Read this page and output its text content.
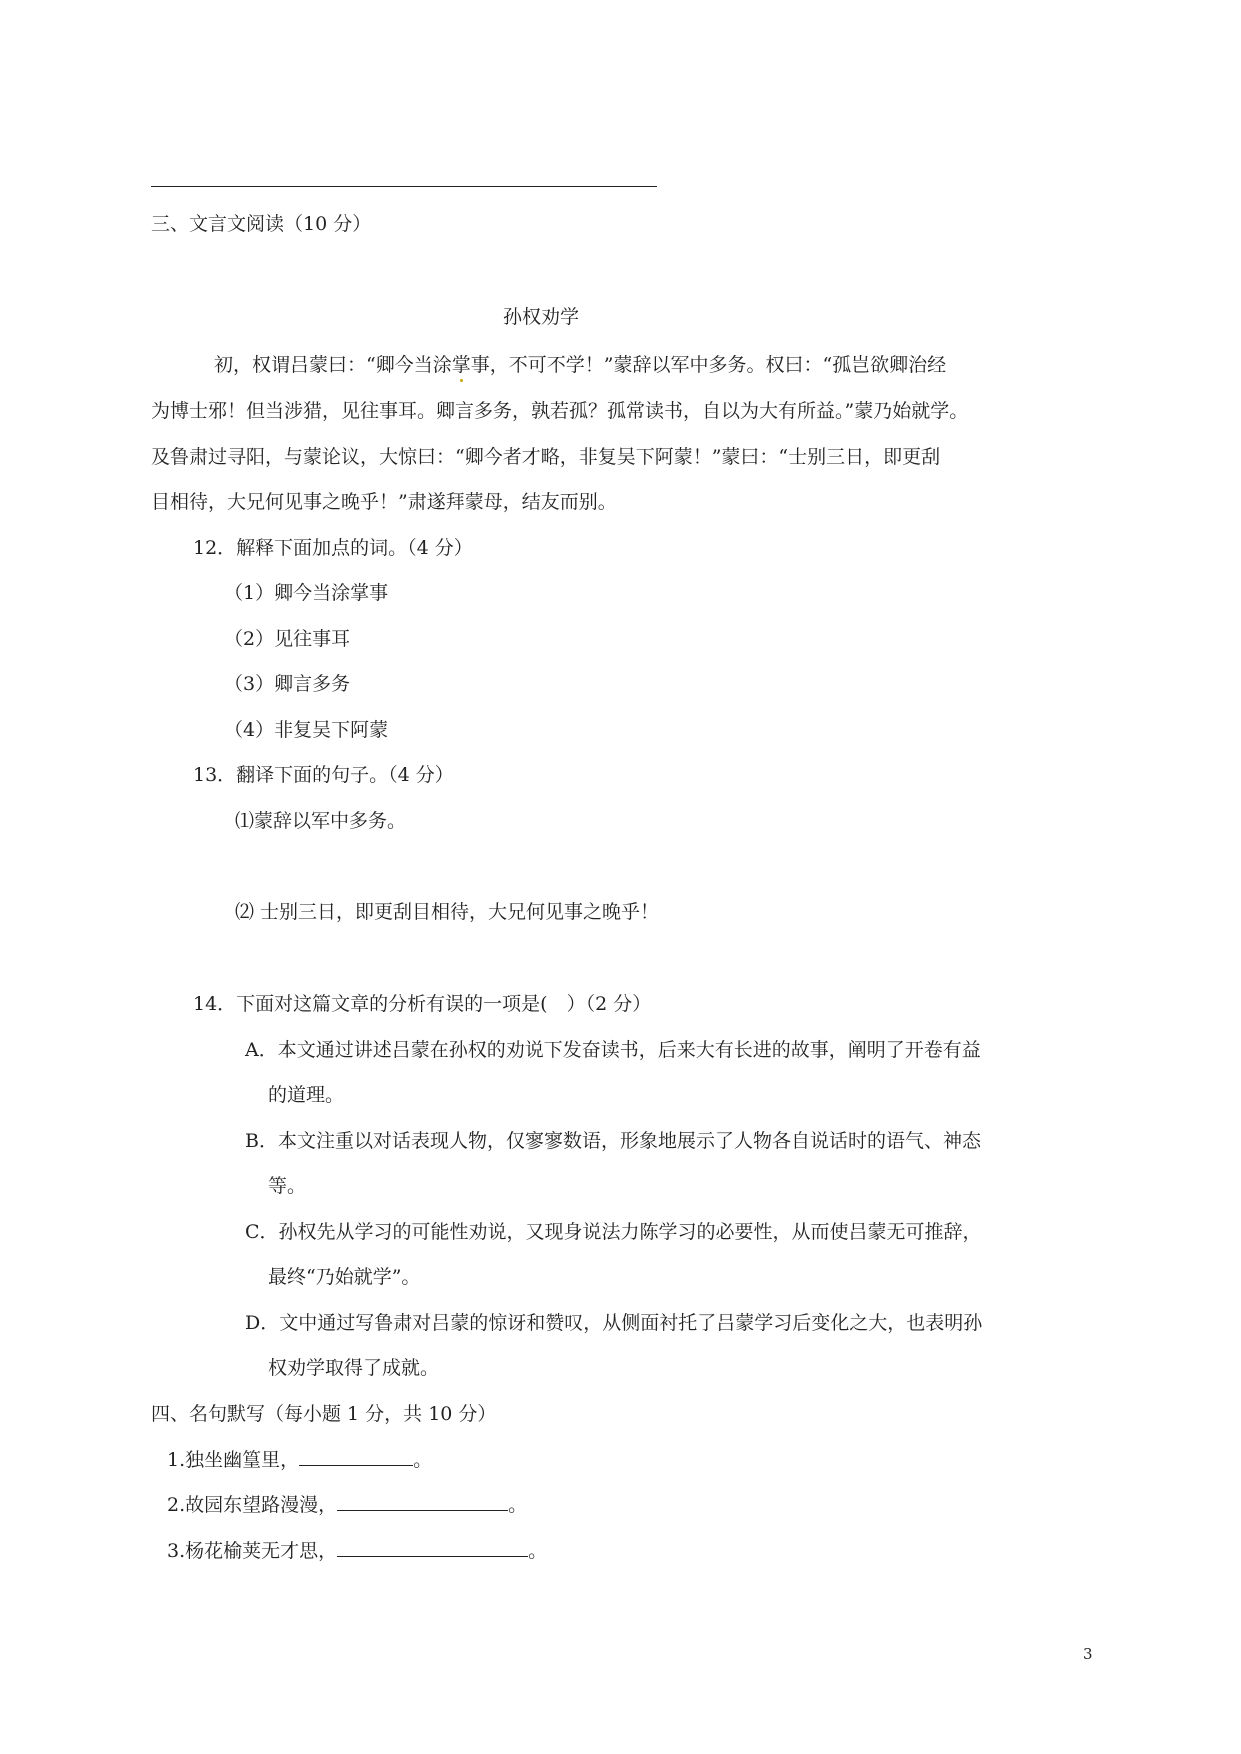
三、文言文阅读（10 分）
孙权劝学
初，权谓吕蒙曰：“卿今当涂掌事，不可不学！”蒙辞以军中多务。权曰：“孤岂欲卿治经
为博士邪！但当涉猎，见往事耳。卿言多务，孰若孤？孤常读书，自以为大有所益。”蒙乃始就学。
及鲁肃过寻阳，与蒙论议，大惊曰：“卿今者才略，非复吴下阿蒙！”蒙曰：“士别三日，即更刮
目相待，大兄何见事之晚乎！”肃遂拜蒙母，结友而别。
12．解释下面加点的词。（4 分）
（1）卿今当涂掌事
（2）见往事耳
（3）卿言多务
（4）非复吴下阿蒙
13．翻译下面的句子。（4 分）
⑴蒙辞以军中多务。
⑵ 士别三日，即更刮目相待，大兄何见事之晚乎！
14．下面对这篇文章的分析有误的一项是(　）（2 分）
A．本文通过讲述吕蒙在孙权的劝说下发奋读书，后来大有长进的故事，阐明了开卷有益
的道理。
B．本文注重以对话表现人物，仅寥寥数语，形象地展示了人物各自说话时的语气、神态
等。
C．孙权先从学习的可能性劝说，又现身说法力陈学习的必要性，从而使吕蒙无可推辞，
最终“乃始就学”。
D．文中通过写鲁肃对吕蒙的惊讶和赞叹，从侧面衬托了吕蒙学习后变化之大，也表明孙
权劝学取得了成就。
四、名句默写（每小题 1 分，共 10 分）
1.独坐幽篁里，	。
2.故园东望路漫漫，	。
3.杨花榆荚无才思，	。
3
